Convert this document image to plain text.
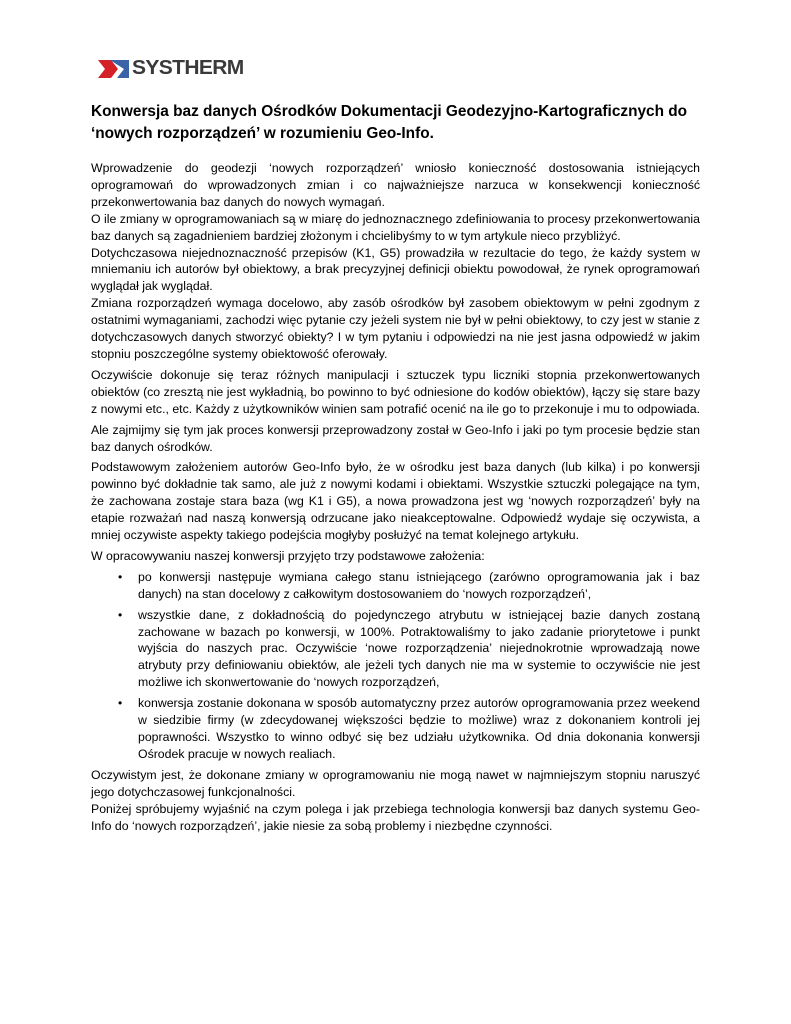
SYSTHERM
Konwersja baz danych Ośrodków Dokumentacji Geodezyjno-Kartograficznych do ‘nowych rozporządzeń’ w rozumieniu Geo-Info.

Wprowadzenie do geodezji ‘nowych rozporządzeń’ wniosło konieczność dostosowania istniejących oprogramowań do wprowadzonych zmian i co najważniejsze narzuca w konsekwencji konieczność przekonwertowania baz danych do nowych wymagań.

O ile zmiany w oprogramowaniach są w miarę do jednoznacznego zdefiniowania to procesy przekonwertowania baz danych są zagadnieniem bardziej złożonym i chcielibyśmy to w tym artykule nieco przybliżyć.

Dotychczasowa niejednoznaczność przepisów (K1, G5) prowadziła w rezultacie do tego, że każdy system w mniemaniu ich autorów był obiektowy, a brak precyzyjnej definicji obiektu powodował, że rynek oprogramowań wyglądał jak wyglądał.

Zmiana rozporządzeń wymaga docelowo, aby zasób ośrodków był zasobem obiektowym w pełni zgodnym z ostatnimi wymaganiami, zachodzi więc pytanie czy jeżeli system nie był w pełni obiektowy, to czy jest w stanie z dotychczasowych danych stworzyć obiekty? I w tym pytaniu i odpowiedzi na nie jest jasna odpowiedź w jakim stopniu poszczególne systemy obiektowość oferowały.

Oczywiście dokonuje się teraz różnych manipulacji i sztuczek typu liczniki stopnia przekonwertowanych obiektów (co zresztą nie jest wykładnią, bo powinno to być odniesione do kodów obiektów), łączy się stare bazy z nowymi etc., etc. Każdy z użytkowników winien sam potrafić ocenić na ile go to przekonuje i mu to odpowiada.

Ale zajmijmy się tym jak proces konwersji przeprowadzony został w Geo-Info i jaki po tym procesie będzie stan baz danych ośrodków.

Podstawowym założeniem autorów Geo-Info było, że w ośrodku jest baza danych (lub kilka) i po konwersji powinno być dokładnie tak samo, ale już z nowymi kodami i obiektami. Wszystkie sztuczki polegające na tym, że zachowana zostaje stara baza (wg K1 i G5), a nowa prowadzona jest wg ‘nowych rozporządzeń’ były na etapie rozważań nad naszą konwersją odrzucane jako nieakceptowalne. Odpowiedź wydaje się oczywista, a mniej oczywiste aspekty takiego podejścia mogłyby posłużyć na temat kolejnego artykułu.

W opracowywaniu naszej konwersji przyjęto trzy podstawowe założenia:

• po konwersji następuje wymiana całego stanu istniejącego (zarówno oprogramowania jak i baz danych) na stan docelowy z całkowitym dostosowaniem do ‘nowych rozporządzeń’,
• wszystkie dane, z dokładnością do pojedynczego atrybutu w istniejącej bazie danych zostaną zachowane w bazach po konwersji, w 100%. Potraktowaliśmy to jako zadanie priorytetowe i punkt wyjścia do naszych prac. Oczywiście ‘nowe rozporządzenia’ niejednokrotnie wprowadzają nowe atrybuty przy definiowaniu obiektów, ale jeżeli tych danych nie ma w systemie to oczywiście nie jest możliwe ich skonwertowanie do ‘nowych rozporządzeń,
• konwersja zostanie dokonana w sposób automatyczny przez autorów oprogramowania przez weekend w siedzibie firmy (w zdecydowanej większości będzie to możliwe) wraz z dokonaniem kontroli jej poprawności. Wszystko to winno odbyć się bez udziału użytkownika. Od dnia dokonania konwersji Ośrodek pracuje w nowych realiach.

Oczywistym jest, że dokonane zmiany w oprogramowaniu nie mogą nawet w najmniejszym stopniu naruszyć jego dotychczasowej funkcjonalności.

Poniżej spróbujemy wyjaśnić na czym polega i jak przebiega technologia konwersji baz danych systemu Geo-Info do ‘nowych rozporządzeń’, jakie niesie za sobą problemy i niezbędne czynności.
